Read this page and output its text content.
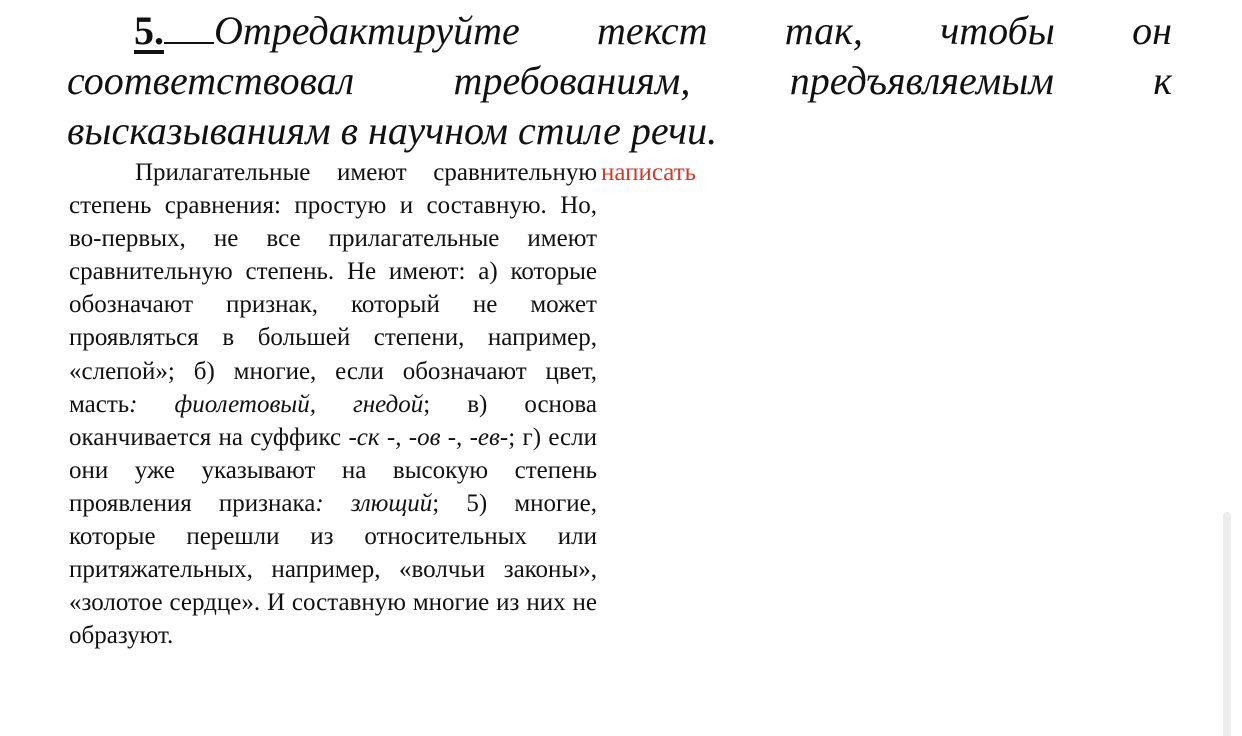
5. Отредактируйте текст так, чтобы он соответствовал требованиям, предъявляемым к высказываниям в научном стиле речи.

Прилагательные имеют сравнительную степень сравнения: простую и составную. Но, во-первых, не все прилагательные имеют сравнительную степень. Не имеют: а) которые обозначают признак, который не может проявляться в большей степени, например, «слепой»; б) многие, если обозначают цвет, масть: фиолетовый, гнедой; в) основа оканчивается на суффикс -ск -, -ов -, -ев-; г) если они уже указывают на высокую степень проявления признака: злющий; 5) многие, которые перешли из относительных или притяжательных, например, «волчьи законы», «золотое сердце». И составную многие из них не образуют.

написать
